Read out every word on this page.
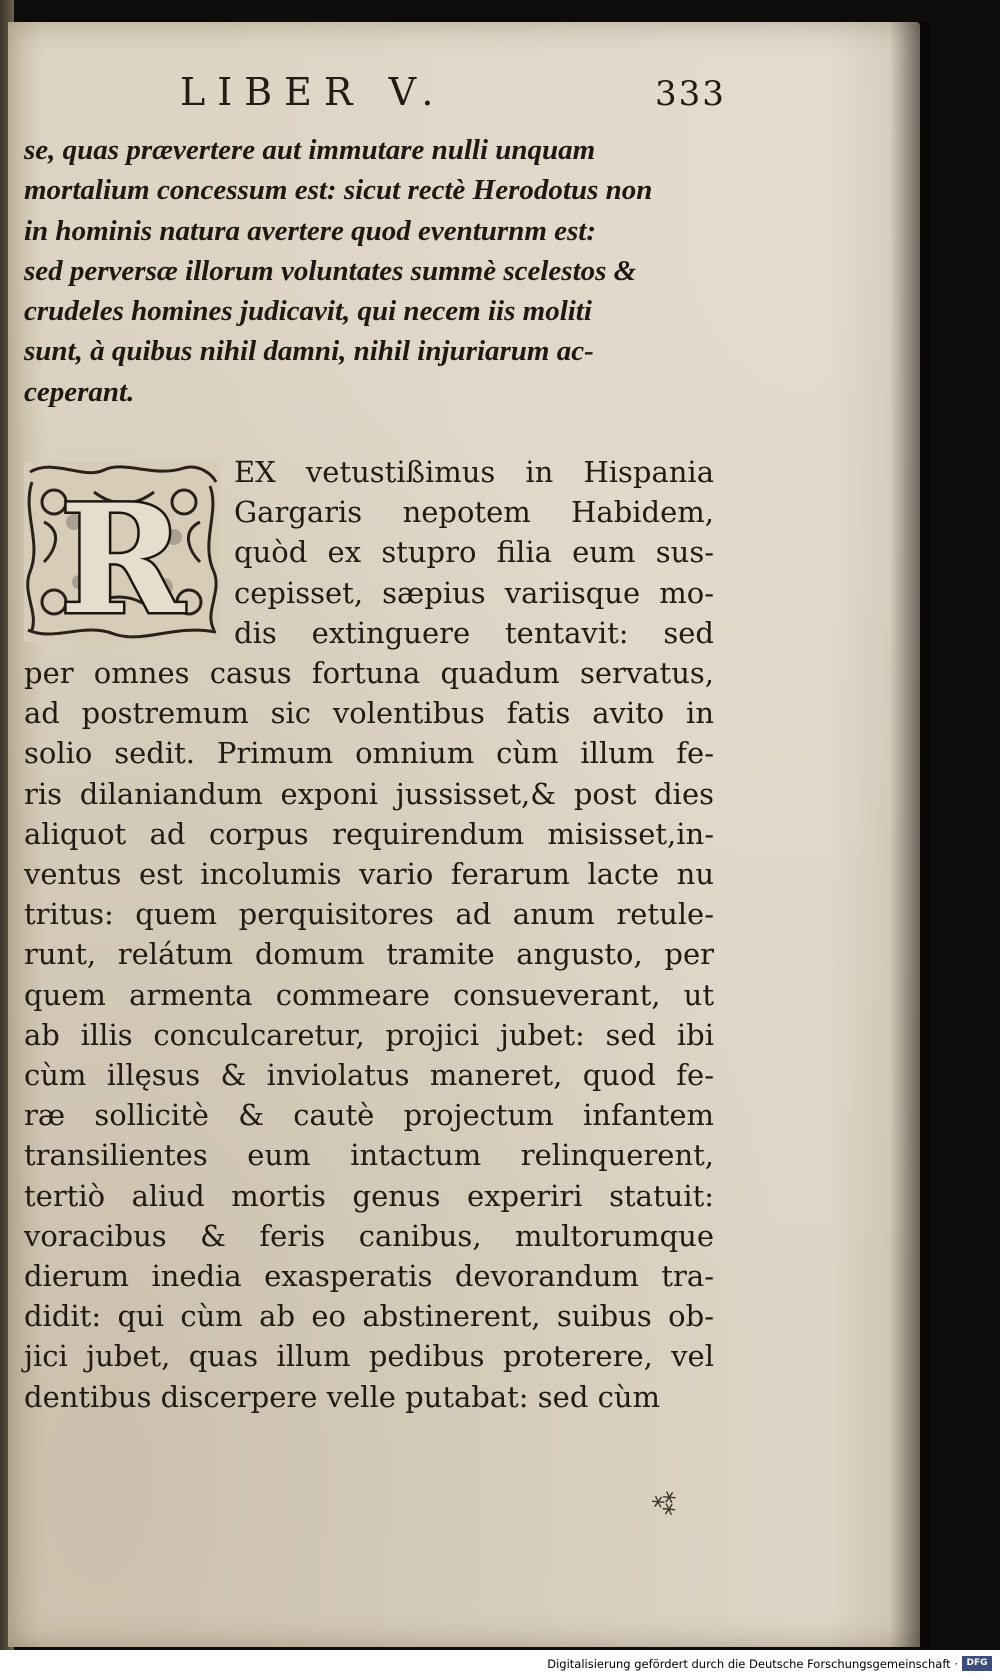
LIBER V.	333
se, quas prævertere aut immutare nulli unquam
mortalium concessum est: sicut rectè Herodotus non
in hominis natura avertere quod eventurnm est:
sed perversæ illorum voluntates summè scelestos &
crudeles homines judicavit, qui necem iis moliti
sunt, à quibus nihil damni, nihil injuriarum ac-
ceperant.
R EX vetustißimus in Hispania
Gargaris nepotem Habidem,
quòd ex stupro filia eum sus-
cepisset, sæpius variisque mo-
dis extinguere tentavit: sed
per omnes casus fortuna quadum servatus,
ad postremum sic volentibus fatis avito in
solio sedit. Primum omnium cùm illum fe-
ris dilaniandum exponi jussisset,& post dies
aliquot ad corpus requirendum misisset,in-
ventus est incolumis vario ferarum lacte nu
tritus: quem perquisitores ad anum retule-
runt, relátum domum tramite angusto, per
quem armenta commeare consueverant, ut
ab illis conculcaretur, projici jubet: sed ibi
cùm illęsus & inviolatus maneret, quod fe-
ræ sollicitè & cautè projectum infantem
transilientes eum intactum relinquerent,
tertiò aliud mortis genus experiri statuit:
voracibus & feris canibus, multorumque
dierum inedia exasperatis devorandum tra-
didit: qui cùm ab eo abstinerent, suibus ob-
jici jubet, quas illum pedibus proterere, vel
dentibus discerpere velle putabat: sed cùm
⁂
Digitalisierung gefördert durch die Deutsche Forschungsgemeinschaft · DFG
